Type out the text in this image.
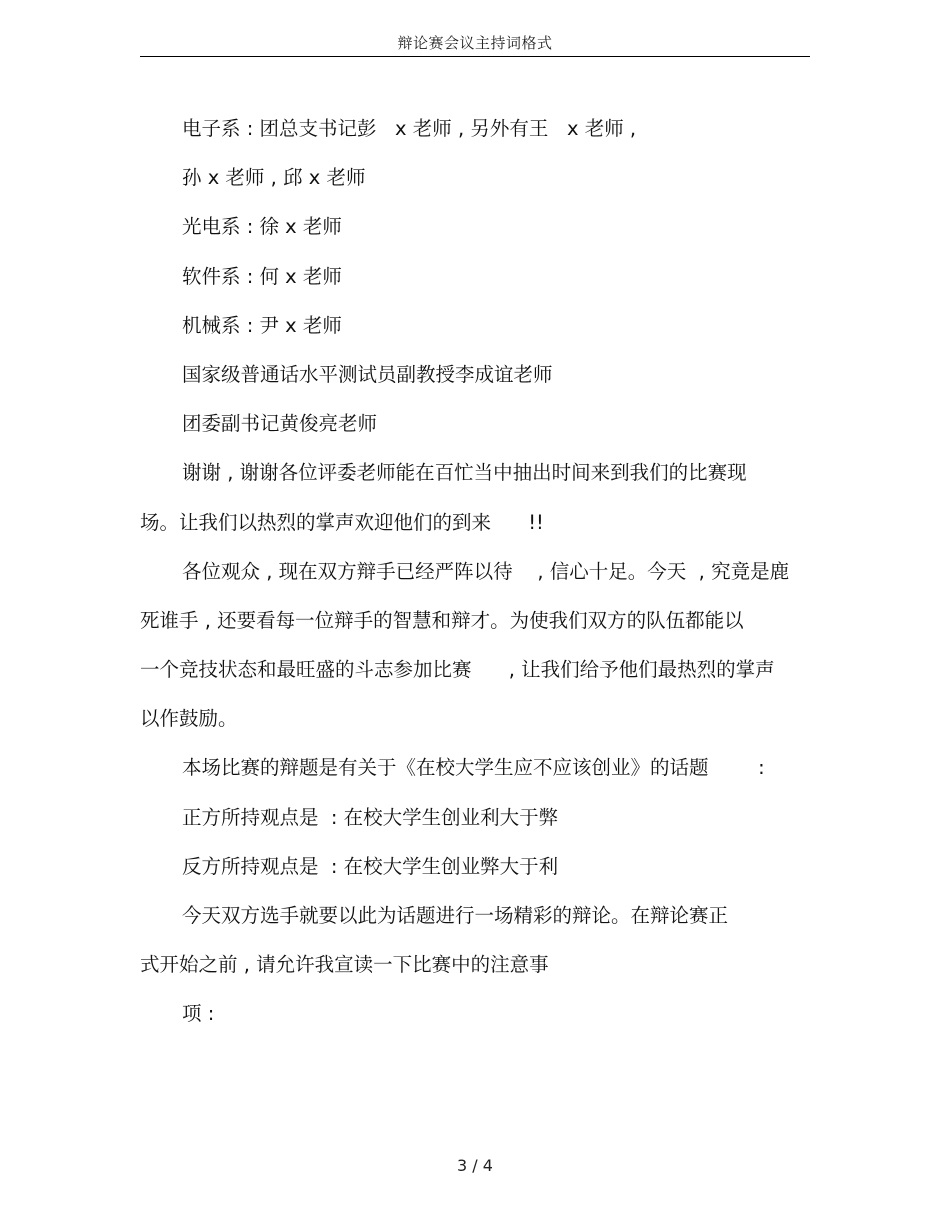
辩论赛会议主持词格式
电子系 : 团总支书记彭   x 老师 , 另外有王   x 老师 ,
孙 x 老师 , 邱 x 老师
光电系 : 徐 x 老师
软件系 : 何 x 老师
机械系 : 尹 x 老师
国家级普通话水平测试员副教授李成谊老师
团委副书记黄俊亮老师
谢谢 , 谢谢各位评委老师能在百忙当中抽出时间来到我们的比赛现
场。让我们以热烈的掌声欢迎他们的到来      !!
各位观众 , 现在双方辩手已经严阵以待    , 信心十足。今天  , 究竟是鹿
死谁手 , 还要看每一位辩手的智慧和辩才。为使我们双方的队伍都能以
一个竞技状态和最旺盛的斗志参加比赛      , 让我们给予他们最热烈的掌声
以作鼓励。
本场比赛的辩题是有关于《在校大学生应不应该创业》的话题        :
正方所持观点是  : 在校大学生创业利大于弊
反方所持观点是  : 在校大学生创业弊大于利
今天双方选手就要以此为话题进行一场精彩的辩论。在辩论赛正
式开始之前 , 请允许我宣读一下比赛中的注意事
项 :
3 / 4
